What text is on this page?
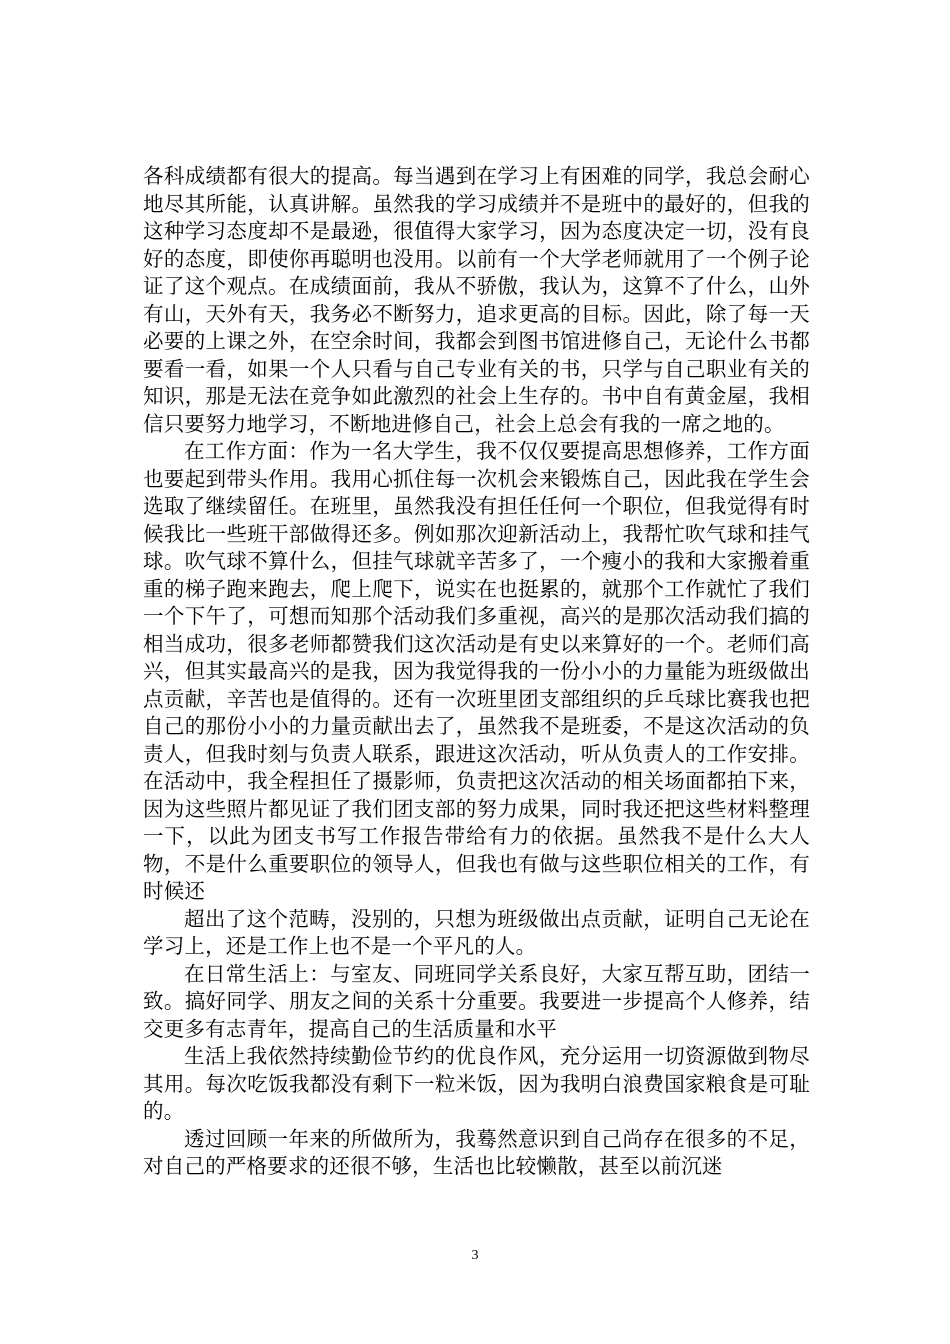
各科成绩都有很大的提高。每当遇到在学习上有困难的同学，我总会耐心地尽其所能，认真讲解。虽然我的学习成绩并不是班中的最好的，但我的这种学习态度却不是最逊，很值得大家学习，因为态度决定一切，没有良好的态度，即使你再聪明也没用。以前有一个大学老师就用了一个例子论证了这个观点。在成绩面前，我从不骄傲，我认为，这算不了什么，山外有山，天外有天，我务必不断努力，追求更高的目标。因此，除了每一天必要的上课之外，在空余时间，我都会到图书馆进修自己，无论什么书都要看一看，如果一个人只看与自己专业有关的书，只学与自己职业有关的知识，那是无法在竞争如此激烈的社会上生存的。书中自有黄金屋，我相信只要努力地学习，不断地进修自己，社会上总会有我的一席之地的。

在工作方面：作为一名大学生，我不仅仅要提高思想修养，工作方面也要起到带头作用。我用心抓住每一次机会来锻炼自己，因此我在学生会选取了继续留任。在班里，虽然我没有担任任何一个职位，但我觉得有时候我比一些班干部做得还多。例如那次迎新活动上，我帮忙吹气球和挂气球。吹气球不算什么，但挂气球就辛苦多了，一个瘦小的我和大家搬着重重的梯子跑来跑去，爬上爬下，说实在也挺累的，就那个工作就忙了我们一个下午了，可想而知那个活动我们多重视，高兴的是那次活动我们搞的相当成功，很多老师都赞我们这次活动是有史以来算好的一个。老师们高兴，但其实最高兴的是我，因为我觉得我的一份小小的力量能为班级做出点贡献，辛苦也是值得的。还有一次班里团支部组织的乒乓球比赛我也把自己的那份小小的力量贡献出去了，虽然我不是班委，不是这次活动的负责人，但我时刻与负责人联系，跟进这次活动，听从负责人的工作安排。在活动中，我全程担任了摄影师，负责把这次活动的相关场面都拍下来，因为这些照片都见证了我们团支部的努力成果，同时我还把这些材料整理一下，以此为团支书写工作报告带给有力的依据。虽然我不是什么大人物，不是什么重要职位的领导人，但我也有做与这些职位相关的工作，有时候还

超出了这个范畴，没别的，只想为班级做出点贡献，证明自己无论在学习上，还是工作上也不是一个平凡的人。

在日常生活上：与室友、同班同学关系良好，大家互帮互助，团结一致。搞好同学、朋友之间的关系十分重要。我要进一步提高个人修养，结交更多有志青年，提高自己的生活质量和水平

生活上我依然持续勤俭节约的优良作风，充分运用一切资源做到物尽其用。每次吃饭我都没有剩下一粒米饭，因为我明白浪费国家粮食是可耻的。

透过回顾一年来的所做所为，我蓦然意识到自己尚存在很多的不足，对自己的严格要求的还很不够，生活也比较懒散，甚至以前沉迷

3
